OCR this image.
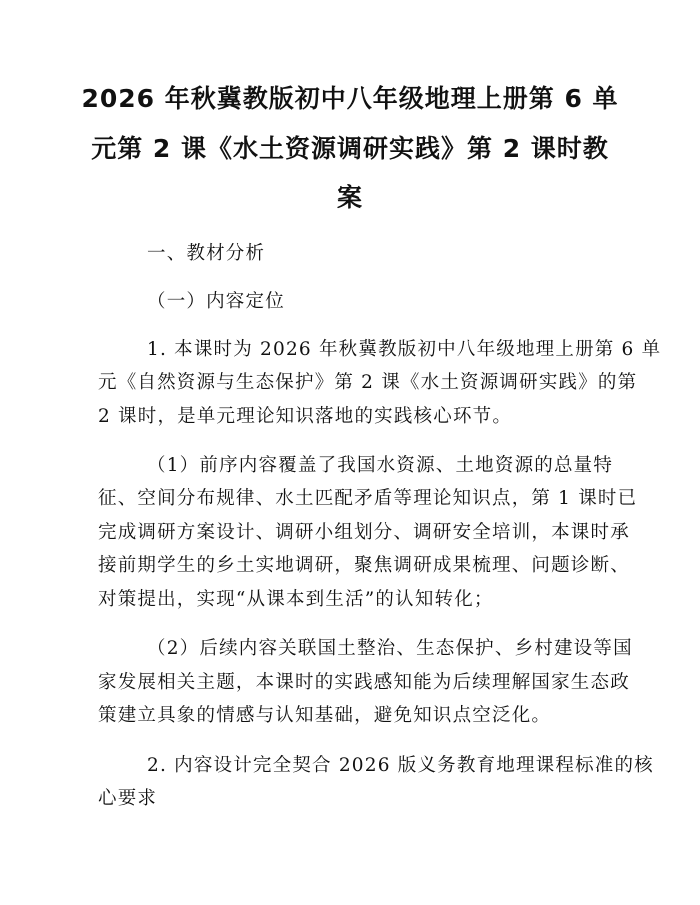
2026 年秋冀教版初中八年级地理上册第 6 单
元第 2 课《水土资源调研实践》第 2 课时教
案
一、教材分析
（一）内容定位
1. 本课时为 2026 年秋冀教版初中八年级地理上册第 6 单
元《自然资源与生态保护》第 2 课《水土资源调研实践》的第
2 课时，是单元理论知识落地的实践核心环节。
（1）前序内容覆盖了我国水资源、土地资源的总量特
征、空间分布规律、水土匹配矛盾等理论知识点，第 1 课时已
完成调研方案设计、调研小组划分、调研安全培训，本课时承
接前期学生的乡土实地调研，聚焦调研成果梳理、问题诊断、
对策提出，实现“从课本到生活”的认知转化；
（2）后续内容关联国土整治、生态保护、乡村建设等国
家发展相关主题，本课时的实践感知能为后续理解国家生态政
策建立具象的情感与认知基础，避免知识点空泛化。
2. 内容设计完全契合 2026 版义务教育地理课程标准的核
心要求
